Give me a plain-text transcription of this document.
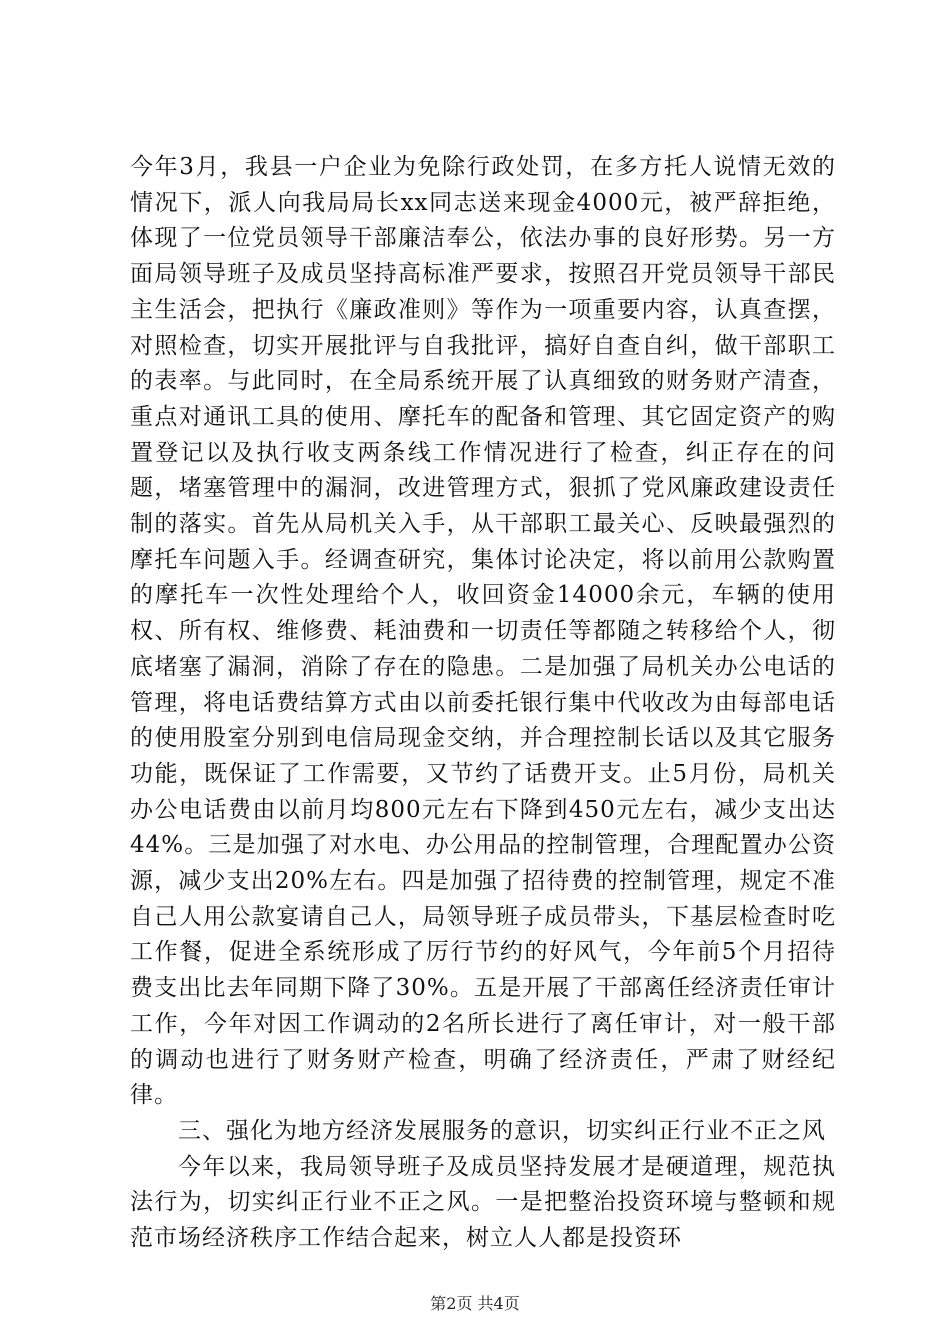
今年3月，我县一户企业为免除行政处罚，在多方托人说情无效的情况下，派人向我局局长xx同志送来现金4000元，被严辞拒绝，体现了一位党员领导干部廉洁奉公，依法办事的良好形势。另一方面局领导班子及成员坚持高标准严要求，按照召开党员领导干部民主生活会，把执行《廉政准则》等作为一项重要内容，认真查摆，对照检查，切实开展批评与自我批评，搞好自查自纠，做干部职工的表率。与此同时，在全局系统开展了认真细致的财务财产清查，重点对通讯工具的使用、摩托车的配备和管理、其它固定资产的购置登记以及执行收支两条线工作情况进行了检查，纠正存在的问题，堵塞管理中的漏洞，改进管理方式，狠抓了党风廉政建设责任制的落实。首先从局机关入手，从干部职工最关心、反映最强烈的摩托车问题入手。经调查研究，集体讨论决定，将以前用公款购置的摩托车一次性处理给个人，收回资金14000余元，车辆的使用权、所有权、维修费、耗油费和一切责任等都随之转移给个人，彻底堵塞了漏洞，消除了存在的隐患。二是加强了局机关办公电话的管理，将电话费结算方式由以前委托银行集中代收改为由每部电话的使用股室分别到电信局现金交纳，并合理控制长话以及其它服务功能，既保证了工作需要，又节约了话费开支。止5月份，局机关办公电话费由以前月均800元左右下降到450元左右，减少支出达44%。三是加强了对水电、办公用品的控制管理，合理配置办公资源，减少支出20%左右。四是加强了招待费的控制管理，规定不准自己人用公款宴请自己人，局领导班子成员带头，下基层检查时吃工作餐，促进全系统形成了厉行节约的好风气，今年前5个月招待费支出比去年同期下降了30%。五是开展了干部离任经济责任审计工作，今年对因工作调动的2名所长进行了离任审计，对一般干部的调动也进行了财务财产检查，明确了经济责任，严肃了财经纪律。

三、强化为地方经济发展服务的意识，切实纠正行业不正之风

今年以来，我局领导班子及成员坚持发展才是硬道理，规范执法行为，切实纠正行业不正之风。一是把整治投资环境与整顿和规范市场经济秩序工作结合起来，树立人人都是投资环

第2页 共4页
